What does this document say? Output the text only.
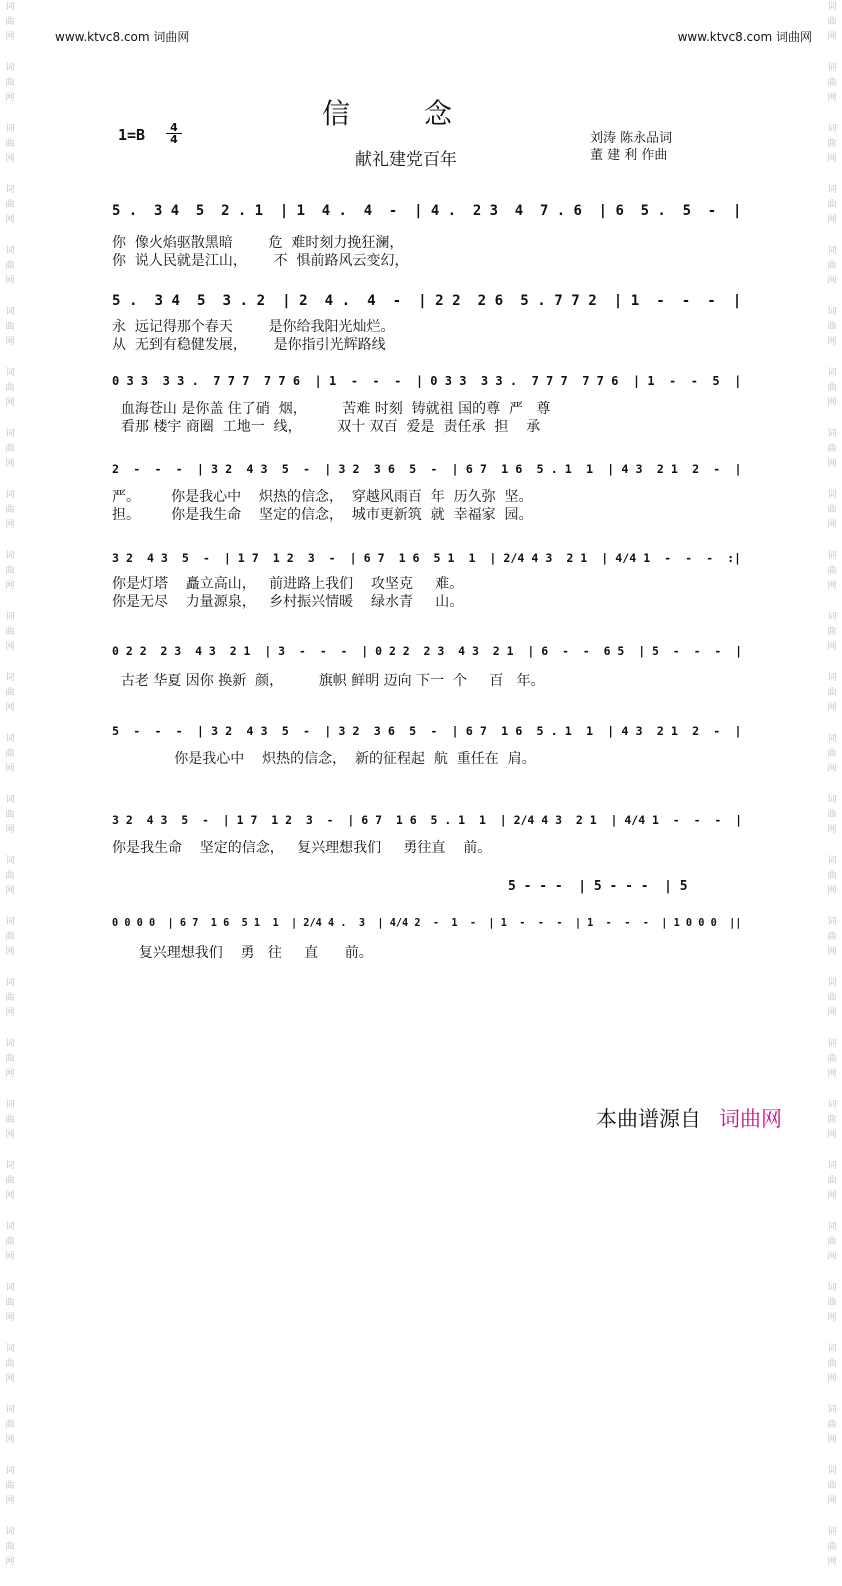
www.ktvc8.com 词曲网	www.ktvc8.com 词曲网
词
曲
网
词
曲
网
词
曲
网
词
曲
网
词
曲
网
词
曲
网
词
曲
网
词
曲
网
词
曲
网
词
曲
网
词
曲
网
词
曲
网
词
曲
网
词
曲
网
词
曲
网
词
曲
网
词
曲
网
词
曲
网
词
曲
网
词
曲
网
词
曲
网
词
曲
网
词
曲
网
词
曲
网
词
曲
网
词
曲
网
词
曲
网
词
曲
网
词
曲
网
词
曲
网
词
曲
网
词
曲
网
词
曲
网
词
曲
网
词
曲
网
词
曲
网
词
曲
网
词
曲
网
词
曲
网
词
曲
网
词
曲
网
词
曲
网
词
曲
网
词
曲
网
词
曲
网
词
曲
网
词
曲
网
词
曲
网
词
曲
网
词
曲
网
词
曲
网
词
曲
网
信念
献礼建党百年
1=B	4
4	刘涛 陈永品词
董 建 利 作曲
5 .  3 4  5  2 . 1  | 1  4 .  4  -  | 4 .  2 3  4  7 . 6  | 6  5 .  5  -  |
你  像火焰驱散黑暗        危  难时刻力挽狂澜，
你  说人民就是江山，      不  惧前路风云变幻，
5 .  3 4  5  3 . 2  | 2  4 .  4  -  | 2 2  2 6  5 . 7 7 2  | 1  -  -  -  |
永  远记得那个春天        是你给我阳光灿烂。
从  无到有稳健发展，      是你指引光辉路线
0 3 3  3 3 .  7 7 7  7 7 6  | 1  -  -  -  | 0 3 3  3 3 .  7 7 7  7 7 6  | 1  -  -  5  |
血海苍山 是你盖 住了硝  烟，        苦难 时刻  铸就祖 国的尊  严   尊
看那 楼宇 商圈  工地一  线，        双十 双百  爱是  责任承  担    承
2  -  -  -  | 3 2  4 3  5  -  | 3 2  3 6  5  -  | 6 7  1 6  5 . 1  1  | 4 3  2 1  2  -  |
严。       你是我心中    炽热的信念，  穿越风雨百  年  历久弥  坚。
担。       你是我生命    坚定的信念，  城市更新筑  就  幸福家  园。
3 2  4 3  5  -  | 1 7  1 2  3  -  | 6 7  1 6  5 1  1  | 2/4 4 3  2 1  | 4/4 1  -  -  -  :|
你是灯塔    矗立高山，   前进路上我们    攻坚克     难。
你是无尽    力量源泉，   乡村振兴情暖    绿水青     山。
0 2 2  2 3  4 3  2 1  | 3  -  -  -  | 0 2 2  2 3  4 3  2 1  | 6  -  -  6 5  | 5  -  -  -  |
古老 华夏 因你 换新  颜，        旗帜 鲜明 迈向 下一  个     百   年。
5  -  -  -  | 3 2  4 3  5  -  | 3 2  3 6  5  -  | 6 7  1 6  5 . 1  1  | 4 3  2 1  2  -  |
你是我心中    炽热的信念，  新的征程起  航  重任在  肩。
3 2  4 3  5  -  | 1 7  1 2  3  -  | 6 7  1 6  5 . 1  1  | 2/4 4 3  2 1  | 4/4 1  -  -  -  |
你是我生命    坚定的信念，   复兴理想我们     勇往直    前。
0 0 0 0  | 6 7  1 6  5 1  1  | 2/4 4 .  3  | 4/4 2  -  1  -  | 1  -  -  -  | 1  -  -  -  | 1 0 0 0  ||
5 - - -  | 5 - - -  | 5
复兴理想我们    勇   往     直      前。
本曲谱源自 词曲网
